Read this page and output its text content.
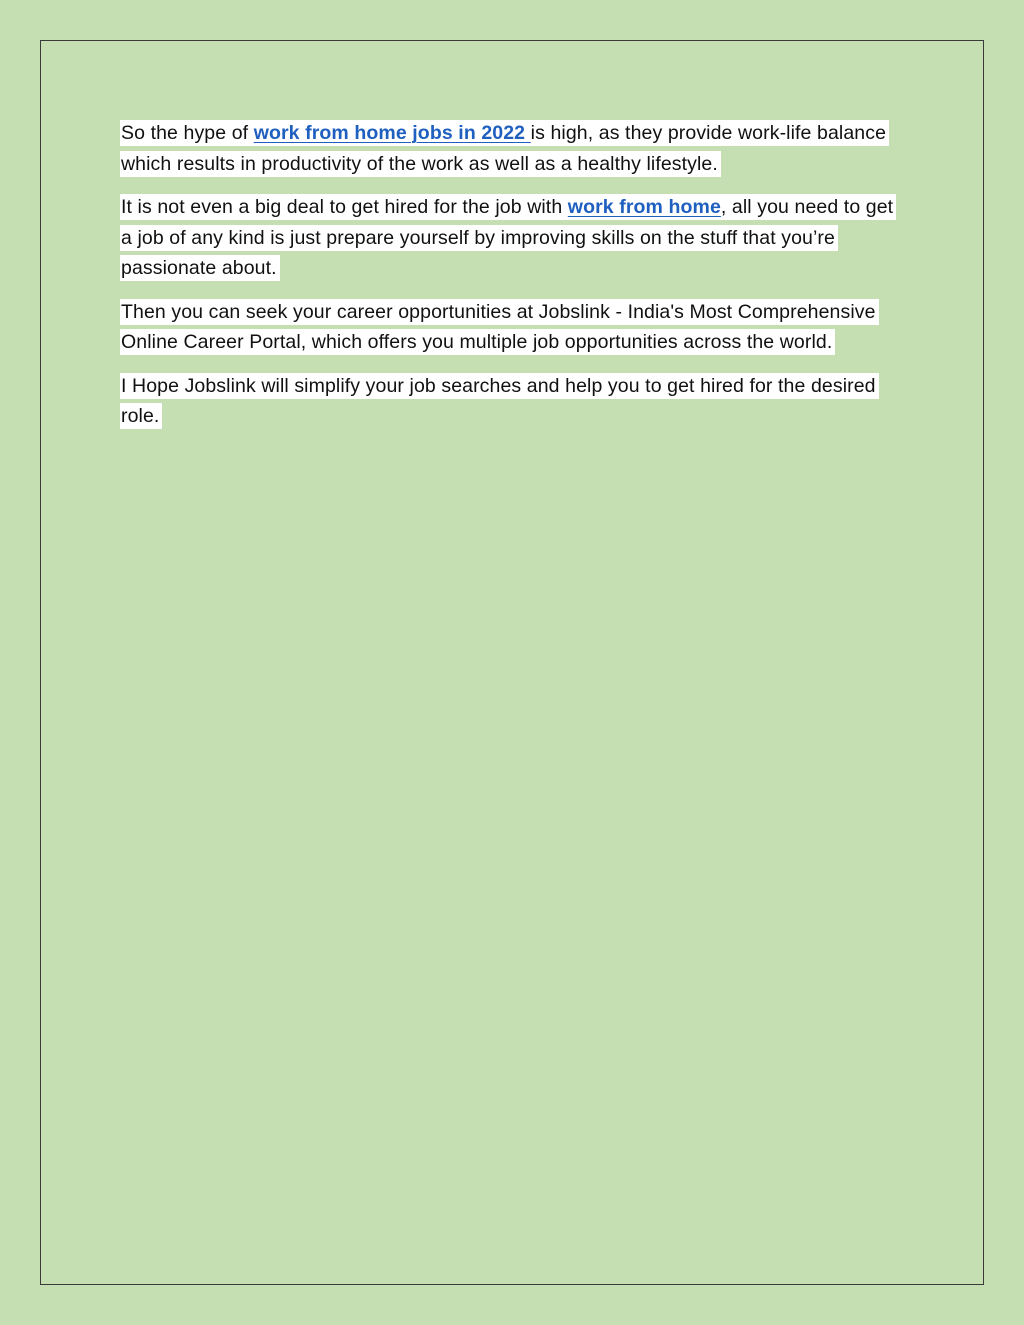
So the hype of work from home jobs in 2022 is high, as they provide work-life balance which results in productivity of the work as well as a healthy lifestyle.

It is not even a big deal to get hired for the job with work from home, all you need to get a job of any kind is just prepare yourself by improving skills on the stuff that you’re passionate about.

Then you can seek your career opportunities at Jobslink - India's Most Comprehensive Online Career Portal, which offers you multiple job opportunities across the world.

I Hope Jobslink will simplify your job searches and help you to get hired for the desired role.
